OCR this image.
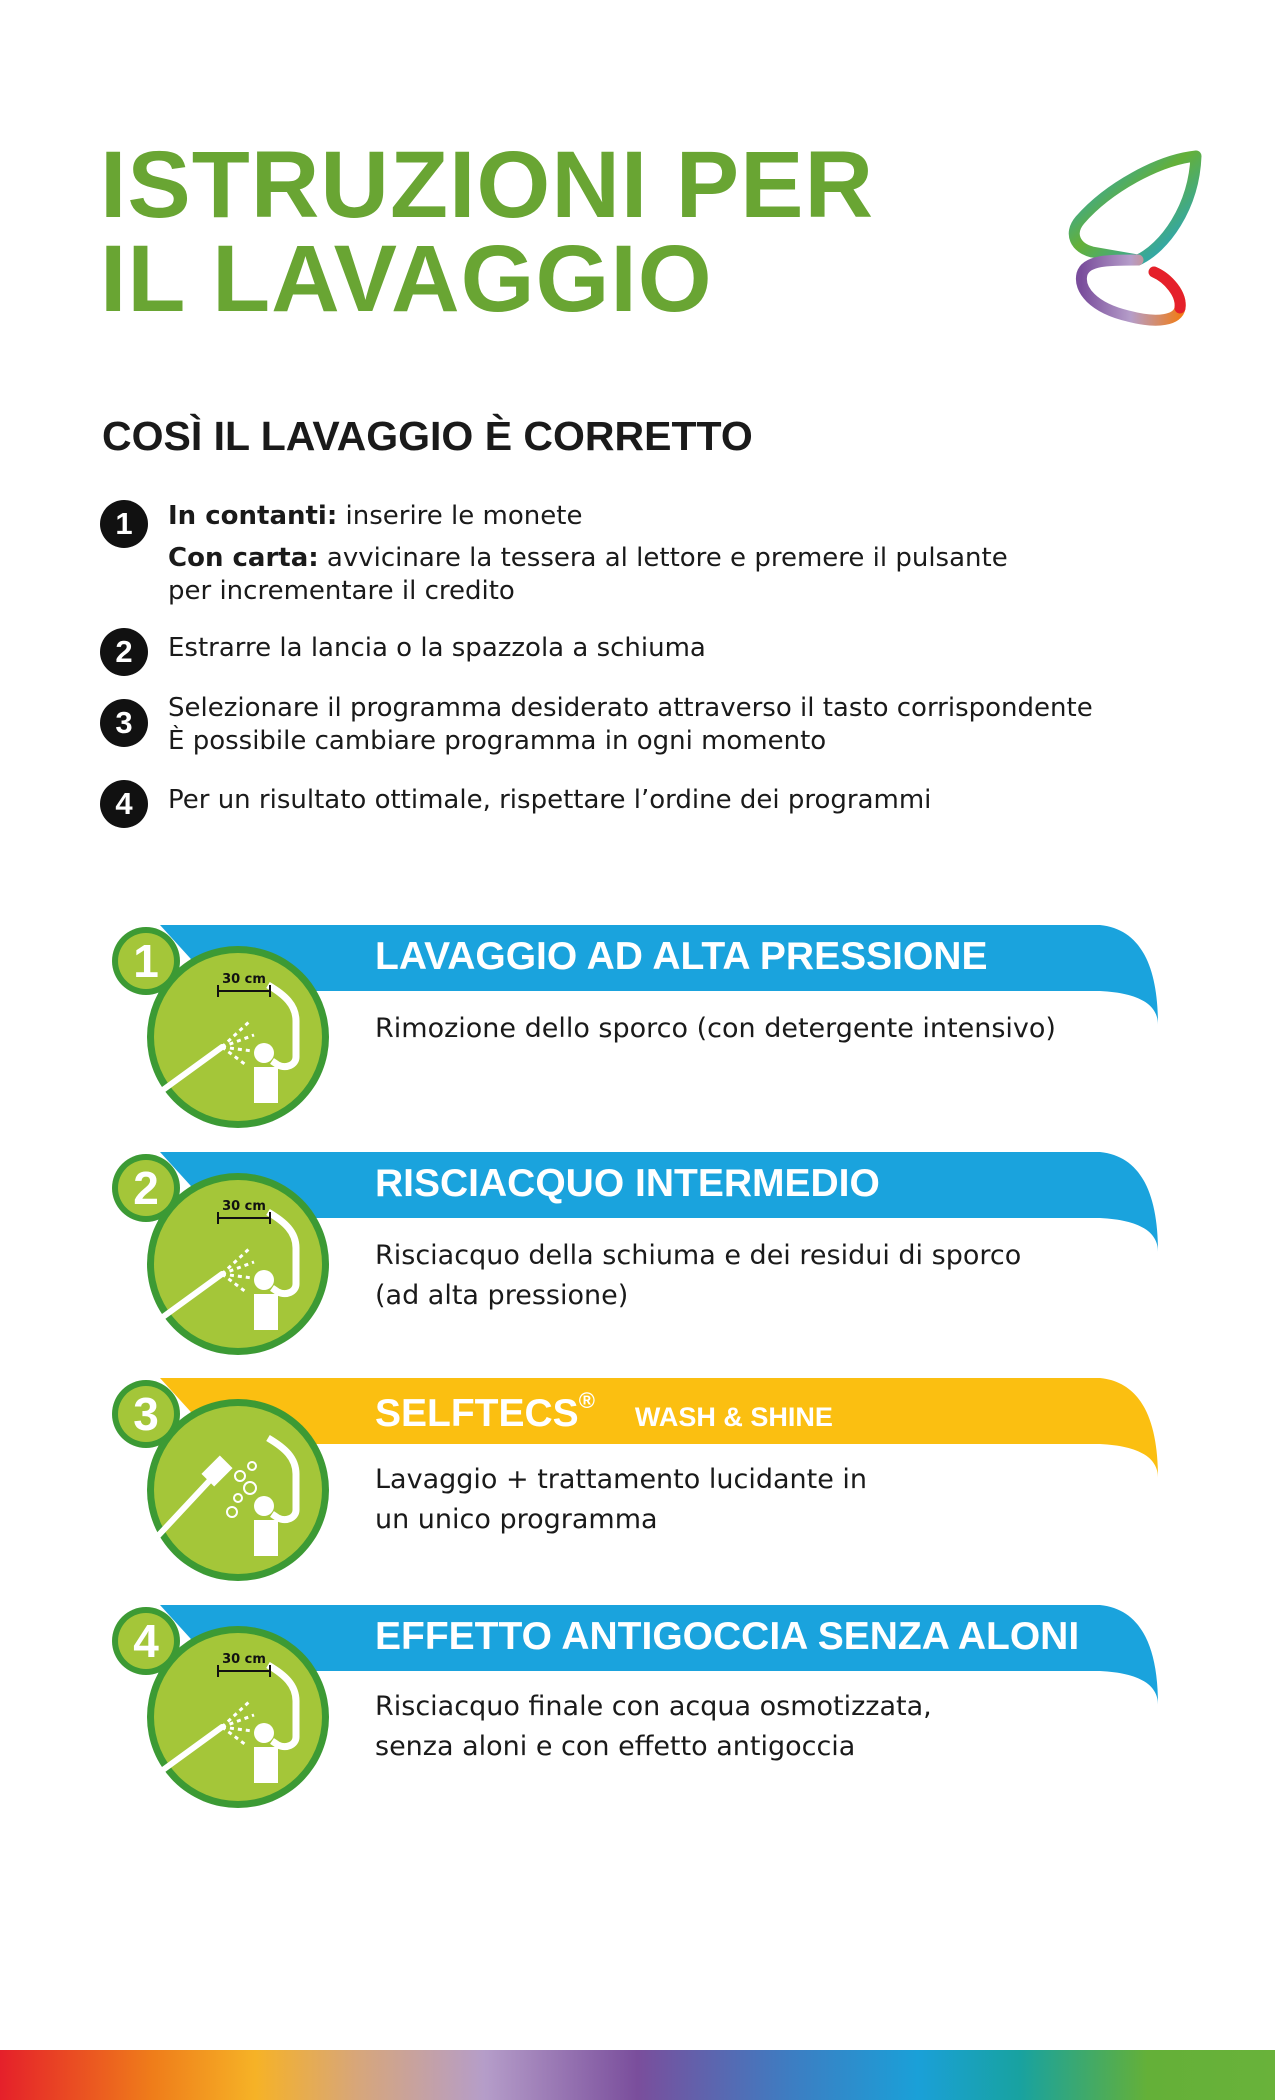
ISTRUZIONI PER
IL LAVAGGIO
COSÌ IL LAVAGGIO È CORRETTO
1	In contanti: inserire le monete
Con carta: avvicinare la tessera al lettore e premere il pulsante
per incrementare il credito
2	Estrarre la lancia o la spazzola a schiuma
3	Selezionare il programma desiderato attraverso il tasto corrispondente
È possibile cambiare programma in ogni momento
4	Per un risultato ottimale, rispettare l’ordine dei programmi
30 cm
1	LAVAGGIO AD ALTA PRESSIONE
Rimozione dello sporco (con detergente intensivo)
30 cm
2	RISCIACQUO INTERMEDIO
Risciacquo della schiuma e dei residui di sporco
(ad alta pressione)
3	SELFTECS®WASH & SHINE
Lavaggio + trattamento lucidante in
un unico programma
30 cm
4	EFFETTO ANTIGOCCIA SENZA ALONI
Risciacquo finale con acqua osmotizzata,
senza aloni e con effetto antigoccia
